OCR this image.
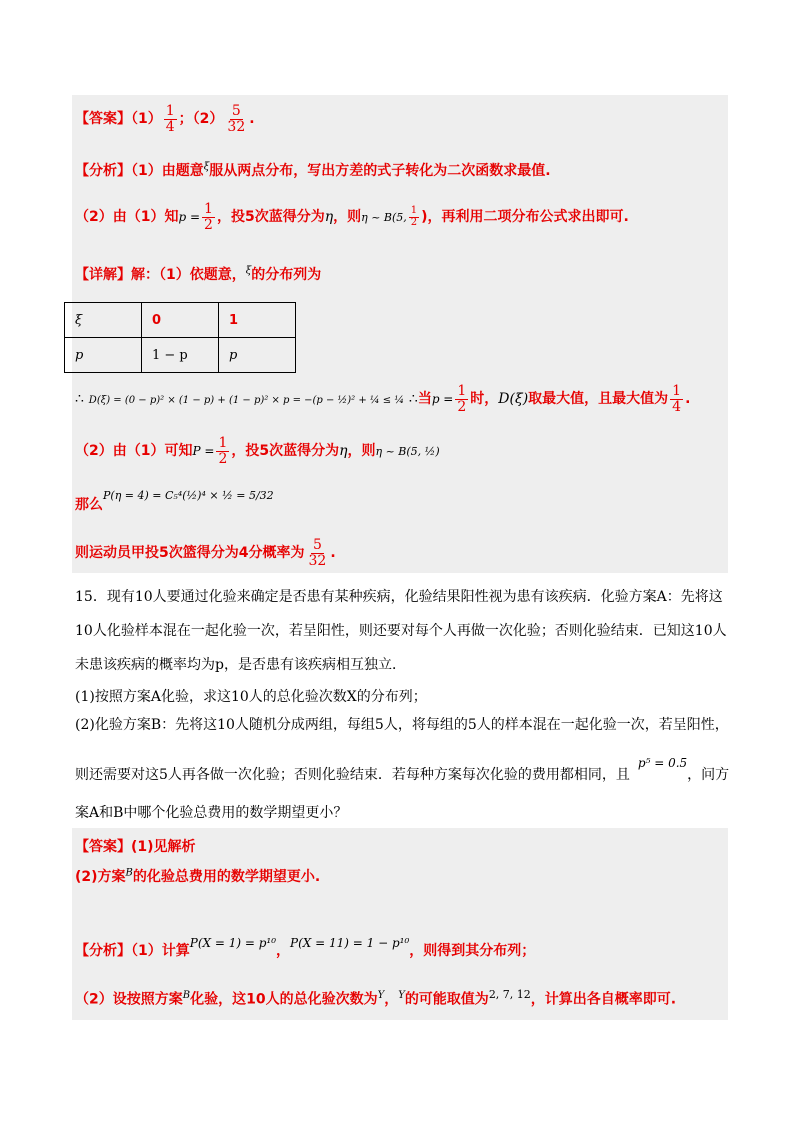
【答案】$(1) \frac{1}{4}$ ；$(2) \frac{5}{32}$ .
【分析】（1）由题意$^\xi$服从两点分布，写出方差的式子转化为二次函数求最值.
（2）由（1）知$p = \frac{1}{2}$ ，投5次蓝得分为η，则η ~ B(5, $\frac{1}{2}$ )，再利用二项分布公式求出即可.
【详解】解：（1）依题意，$^\xi$的分布列为
ξ	0	1
p	1 − p	p
∴ D(ξ) = (0 − p)² × (1 − p) + (1 − p)² × p = −(p − ½)² + ¼ ≤ ¼ ∴当$p = \frac{1}{2}$ 时，D(ξ)取最大值，且最大值为 $\frac{1}{4}$ .
（2）由（1）可知$P = \frac{1}{2}$ ，投5次蓝得分为η，则η ~ B(5, ½)
那么$^{P(\eta = 4) = C_5^4(\frac{1}{2})^4 \times \frac{1}{2} = 5/32}$
则运动员甲投5次篮得分为4分概率为 $\frac{5}{32}$ .
15．现有10人要通过化验来确定是否患有某种疾病，化验结果阳性视为患有该疾病．化验方案A：先将这
10人化验样本混在一起化验一次，若呈阳性，则还要对每个人再做一次化验；否则化验结束．已知这10人
未患该疾病的概率均为p，是否患有该疾病相互独立．
(1)按照方案A化验，求这10人的总化验次数X的分布列；
(2)化验方案B：先将这10人随机分成两组，每组5人，将每组的5人的样本混在一起化验一次，若呈阳性，
则还需要对这5人再各做一次化验；否则化验结束．若每种方案每次化验的费用都相同，且p⁵ = 0.5，问方
案A和B中哪个化验总费用的数学期望更小？
【答案】(1)见解析
(2)方案$^B$的化验总费用的数学期望更小.
【分析】（1）计算P(X = 1) = p¹⁰，P(X = 11) = 1 − p¹⁰，则得到其分布列；
（2）设按照方案$^B$化验，这10人的总化验次数为$^Y$，$^Y$的可能取值为$^{2, 7, 12}$，计算出各自概率即可.
